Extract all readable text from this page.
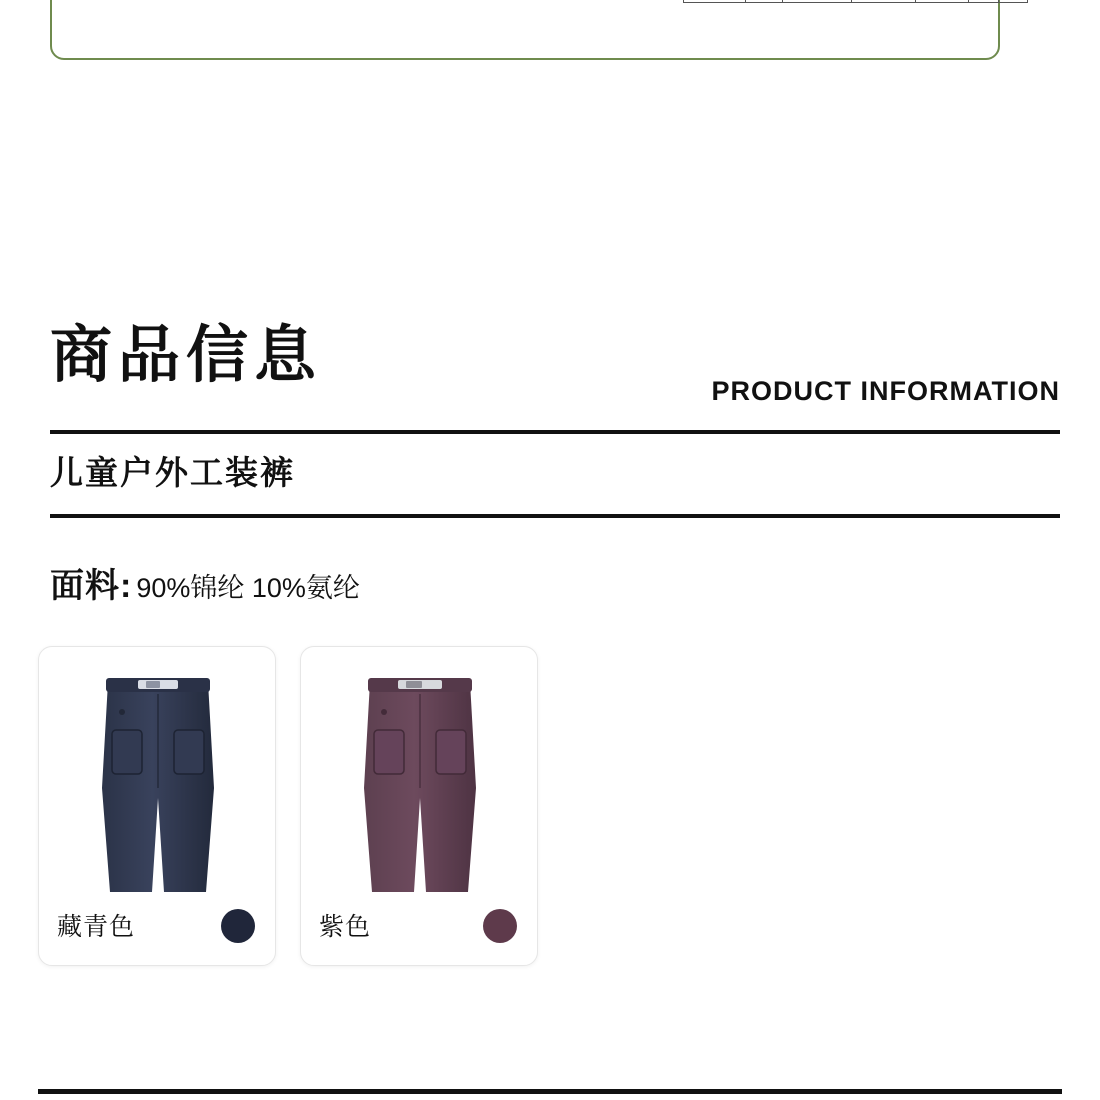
商品信息
PRODUCT INFORMATION
儿童户外工装裤
面料: 90%锦纶 10%氨纶
藏青色	紫色
